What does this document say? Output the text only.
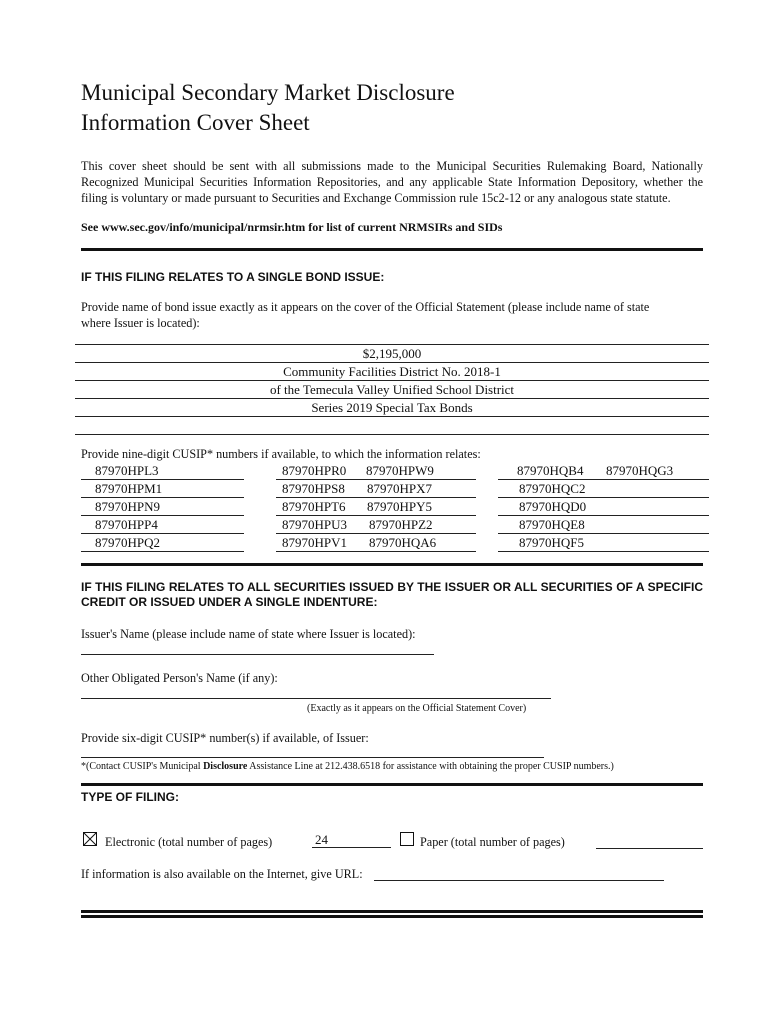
Municipal Secondary Market Disclosure
Information Cover Sheet
This cover sheet should be sent with all submissions made to the Municipal Securities Rulemaking Board, Nationally Recognized Municipal Securities Information Repositories, and any applicable State Information Depository, whether the filing is voluntary or made pursuant to Securities and Exchange Commission rule 15c2-12 or any analogous state statute.
See www.sec.gov/info/municipal/nrmsir.htm for list of current NRMSIRs and SIDs
IF THIS FILING RELATES TO A SINGLE BOND ISSUE:
Provide name of bond issue exactly as it appears on the cover of the Official Statement (please include name of state where Issuer is located):
$2,195,000
Community Facilities District No. 2018-1
of the Temecula Valley Unified School District
Series 2019 Special Tax Bonds
Provide nine-digit CUSIP* numbers if available, to which the information relates:
87970HPL3
87970HPM1
87970HPN9
87970HPP4
87970HPQ2
87970HPR0 87970HPW9
87970HPS8 87970HPX7
87970HPT6 87970HPY5
87970HPU3 87970HPZ2
87970HPV1 87970HQA6
87970HQB4 87970HQG3
87970HQC2
87970HQD0
87970HQE8
87970HQF5
IF THIS FILING RELATES TO ALL SECURITIES ISSUED BY THE ISSUER OR ALL SECURITIES OF A SPECIFIC CREDIT OR ISSUED UNDER A SINGLE INDENTURE:
Issuer's Name (please include name of state where Issuer is located):
Other Obligated Person's Name (if any):
(Exactly as it appears on the Official Statement Cover)
Provide six-digit CUSIP* number(s) if available, of Issuer:
*(Contact CUSIP's Municipal Disclosure Assistance Line at 212.438.6518 for assistance with obtaining the proper CUSIP numbers.)
TYPE OF FILING:
Electronic (total number of pages)	24	Paper (total number of pages)
If information is also available on the Internet, give URL:
